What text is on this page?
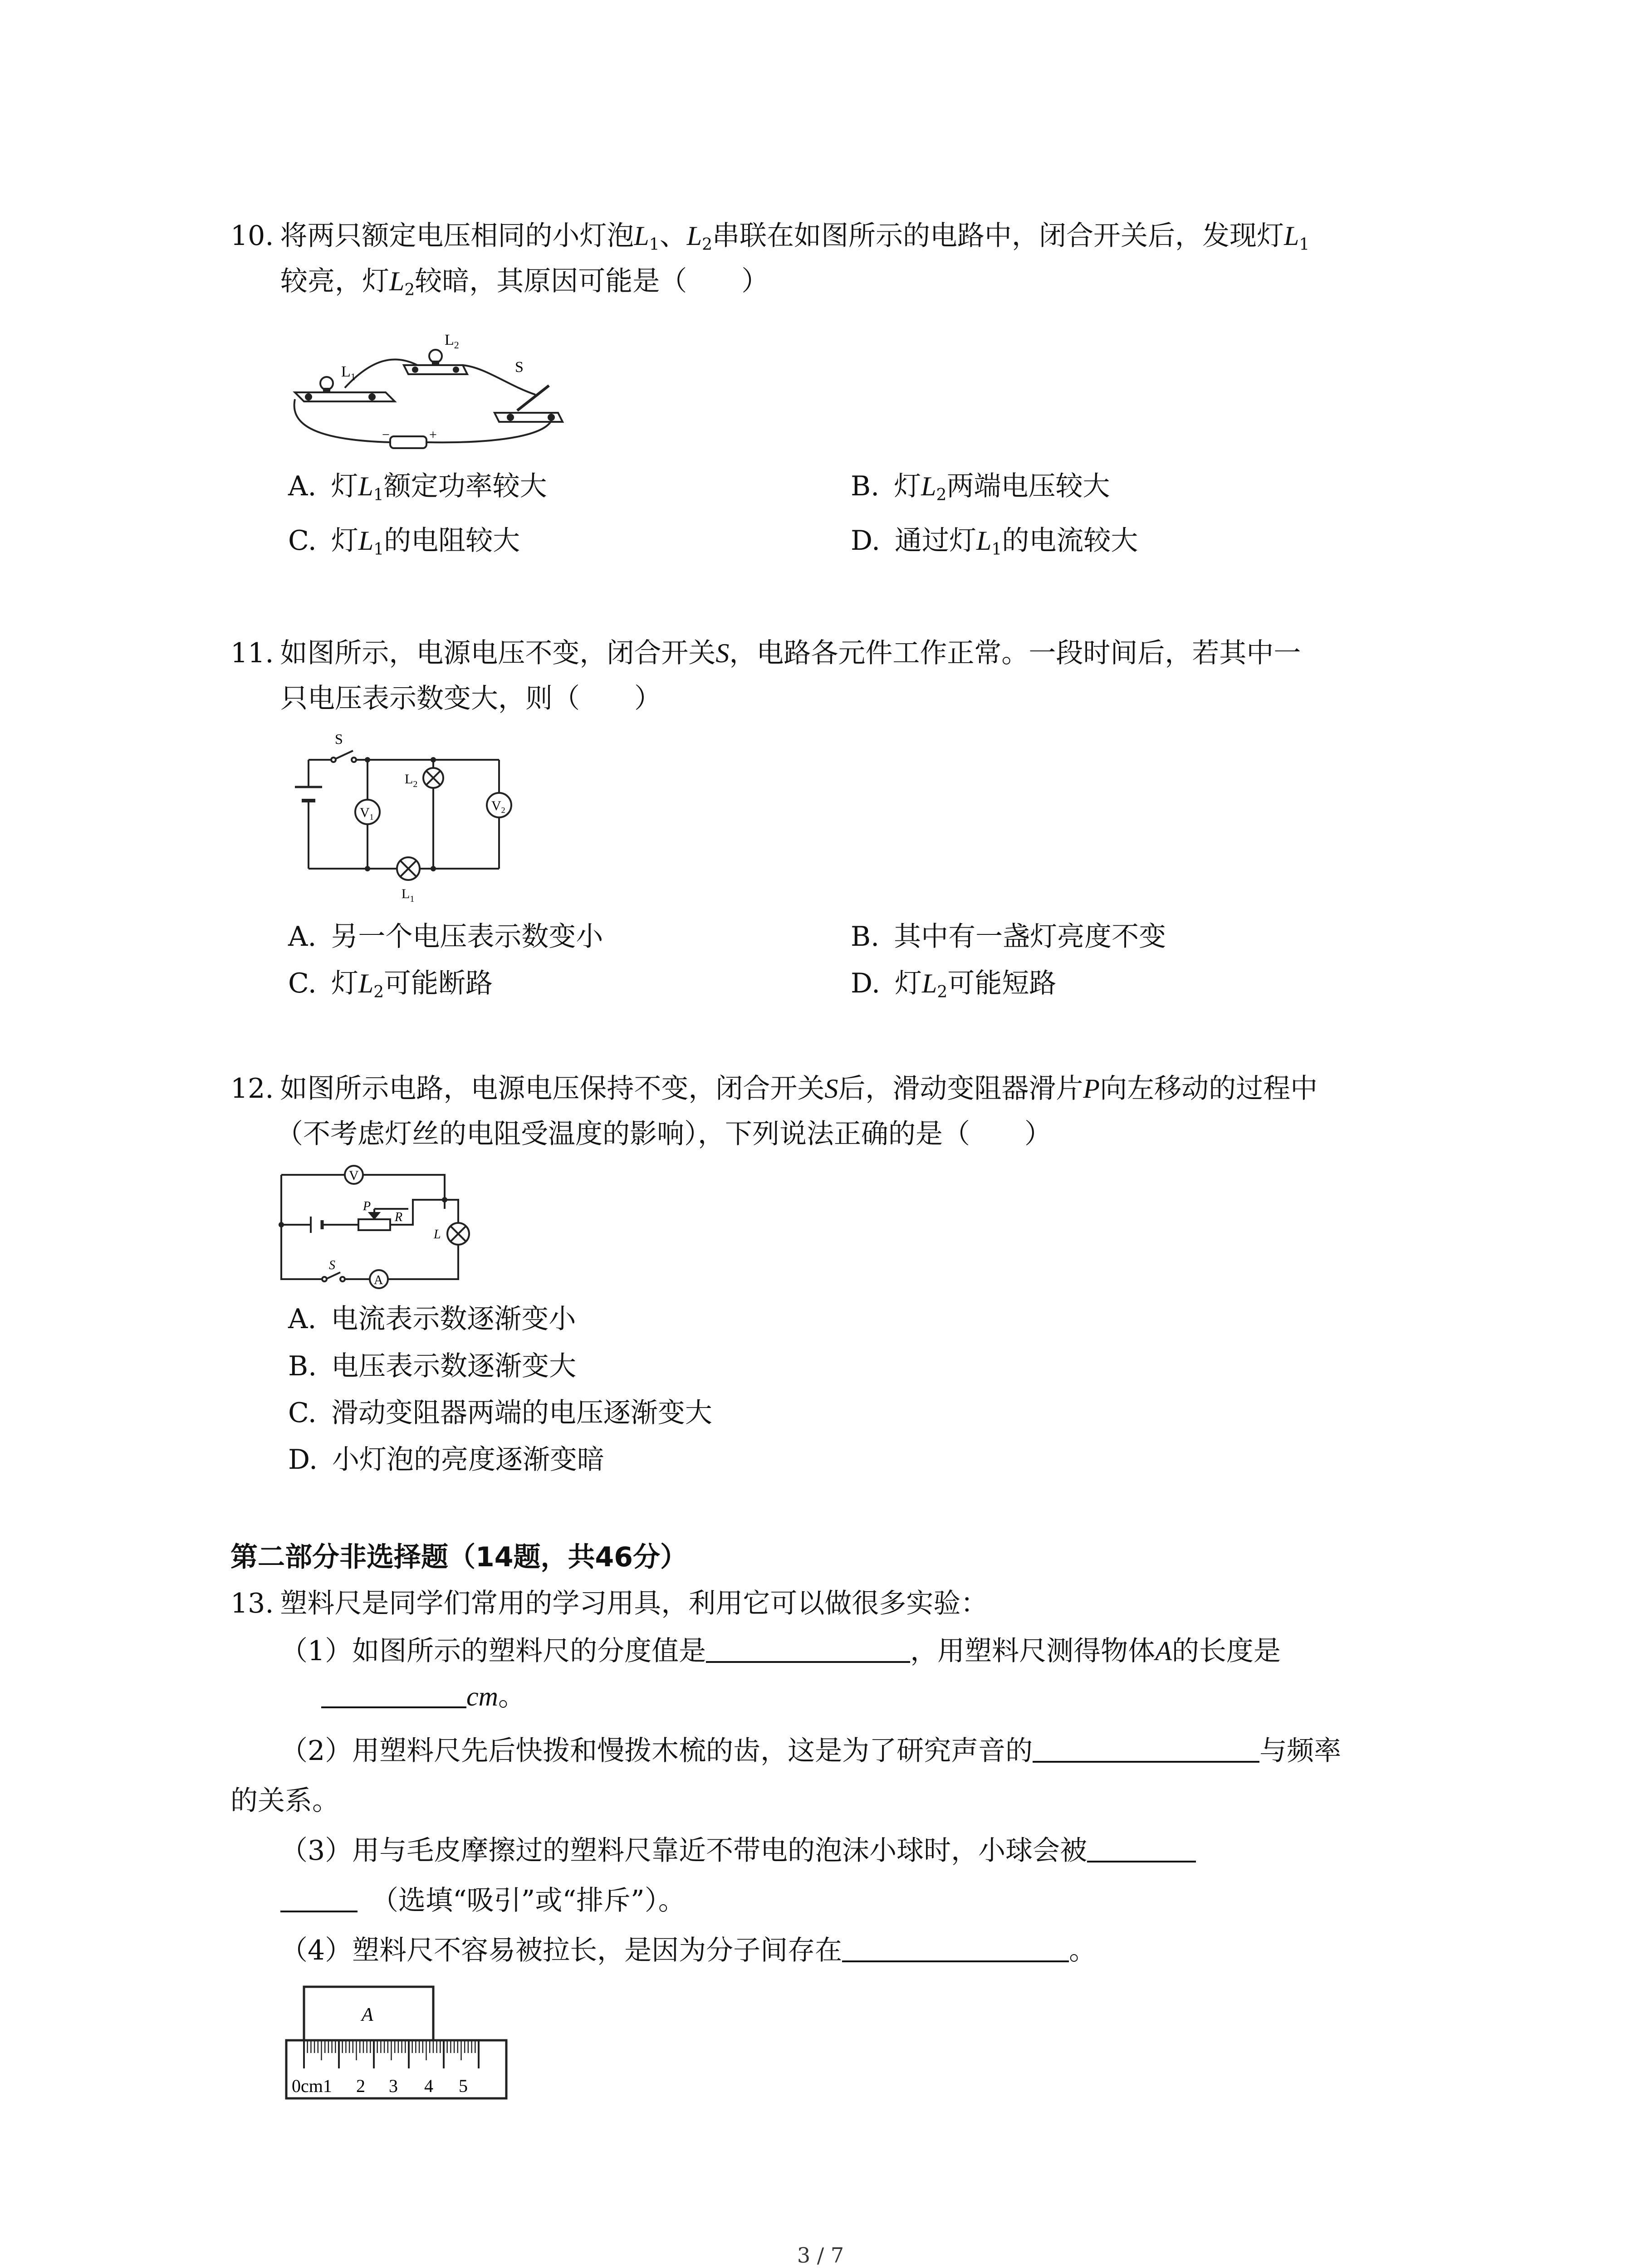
10. 将两只额定电压相同的小灯泡$L_1$、$L_2$串联在如图所示的电路中，闭合开关后，发现灯$L_1$
较亮，灯$L_2$较暗，其原因可能是（　　）
$L_1$
$L_2$
S
−	+
A. 灯$L_1$额定功率较大	B. 灯$L_2$两端电压较大
C. 灯$L_1$的电阻较大	D. 通过灯$L_1$的电流较大
11. 如图所示，电源电压不变，闭合开关S，电路各元件工作正常。一段时间后，若其中一
只电压表示数变大，则（　　）
S
$L_2$
$V_1$
$V_2$
$L_1$
A. 另一个电压表示数变小	B. 其中有一盏灯亮度不变
C. 灯$L_2$可能断路	D. 灯$L_2$可能短路
12. 如图所示电路，电源电压保持不变，闭合开关S后，滑动变阻器滑片P向左移动的过程中
（不考虑灯丝的电阻受温度的影响），下列说法正确的是（　　）
V
P
R
L
S
A
A. 电流表示数逐渐变小
B. 电压表示数逐渐变大
C. 滑动变阻器两端的电压逐渐变大
D. 小灯泡的亮度逐渐变暗
第二部分非选择题（14题，共46分）
13. 塑料尺是同学们常用的学习用具，利用它可以做很多实验：
（1）如图所示的塑料尺的分度值是	，用塑料尺测得物体A的长度是
cm。
（2）用塑料尺先后快拨和慢拨木梳的齿，这是为了研究声音的	与频率
的关系。
（3）用与毛皮摩擦过的塑料尺靠近不带电的泡沫小球时，小球会被
（选填“吸引”或“排斥”）。
（4）塑料尺不容易被拉长，是因为分子间存在	。
A
0cm1 2 3 4 5
3 / 7
